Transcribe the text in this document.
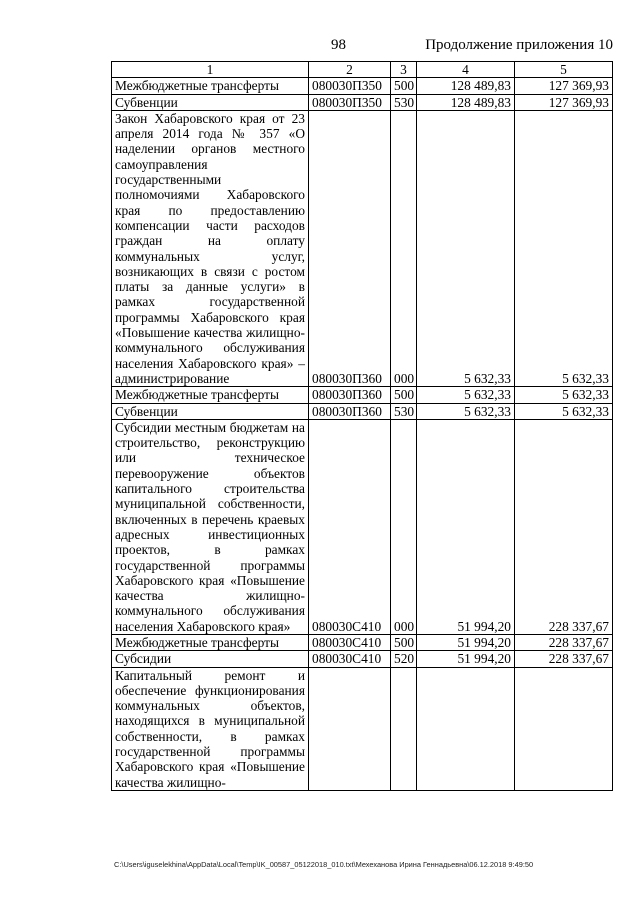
98	Продолжение приложения 10
1	2	3	4	5
Межбюджетные трансферты	080030П350	500	128 489,83	127 369,93
Субвенции	080030П350	530	128 489,83	127 369,93
Закон Хабаровского края от 23 апреля 2014 года № 357 «О наделении органов местного самоуправления государственными полномочиями Хабаровского края по предоставлению компенсации части расходов граждан на оплату коммунальных услуг, возникающих в связи с ростом платы за данные услуги» в рамках государственной программы Хабаровского края «Повышение качества жилищно-коммунального обслуживания населения Хабаровского края» – администрирование	080030П360	000	5 632,33	5 632,33
Межбюджетные трансферты	080030П360	500	5 632,33	5 632,33
Субвенции	080030П360	530	5 632,33	5 632,33
Субсидии местным бюджетам на строительство, реконструкцию или техническое перевооружение объектов капитального строительства муниципальной собственности, включенных в перечень краевых адресных инвестиционных проектов, в рамках государственной программы Хабаровского края «Повышение качества жилищно-коммунального обслуживания населения Хабаровского края»	080030С410	000	51 994,20	228 337,67
Межбюджетные трансферты	080030С410	500	51 994,20	228 337,67
Субсидии	080030С410	520	51 994,20	228 337,67
Капитальный ремонт и обеспечение функционирования коммунальных объектов, находящихся в муниципальной собственности, в рамках государственной программы Хабаровского края «Повышение качества жилищно-				
C:\Users\iguselekhina\AppData\Local\Temp\IK_00587_05122018_010.txt\Мехеханова Ирина Геннадьевна\06.12.2018 9:49:50
